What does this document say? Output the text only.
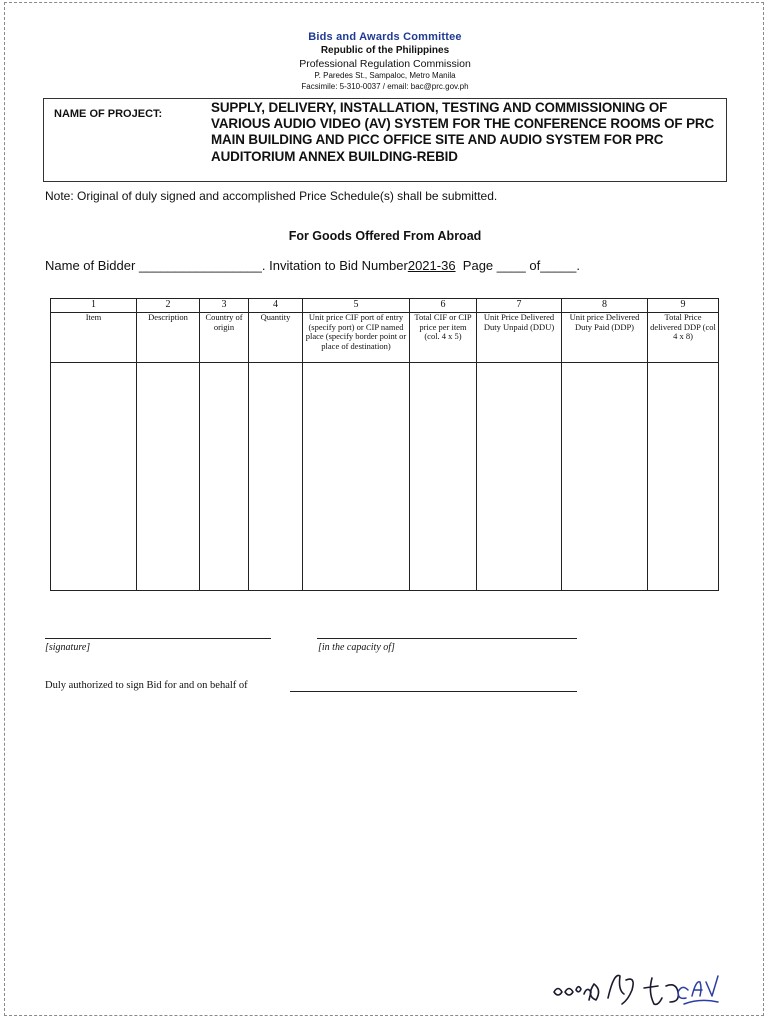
Bids and Awards Committee
Republic of the Philippines
Professional Regulation Commission
P. Paredes St., Sampaloc, Metro Manila
Facsimile: 5-310-0037 / email: bac@prc.gov.ph
NAME OF PROJECT:	SUPPLY, DELIVERY, INSTALLATION, TESTING AND COMMISSIONING OF VARIOUS AUDIO VIDEO (AV) SYSTEM FOR THE CONFERENCE ROOMS OF PRC MAIN BUILDING AND PICC OFFICE SITE AND AUDIO SYSTEM FOR PRC AUDITORIUM ANNEX BUILDING-REBID
Note: Original of duly signed and accomplished Price Schedule(s) shall be submitted.
For Goods Offered From Abroad
Name of Bidder _________________. Invitation to Bid Number2021-36 Page ____ of_____.
1	2	3	4	5	6	7	8	9
Item	Description	Country of origin	Quantity	Unit price CIF port of entry (specify port) or CIP named place (specify border point or place of destination)	Total CIF or CIP price per item (col. 4 x 5)	Unit Price Delivered Duty Unpaid (DDU)	Unit price Delivered Duty Paid (DDP)	Total Price delivered DDP (col 4 x 8)

[signature]	[in the capacity of]
Duly authorized to sign Bid for and on behalf of
